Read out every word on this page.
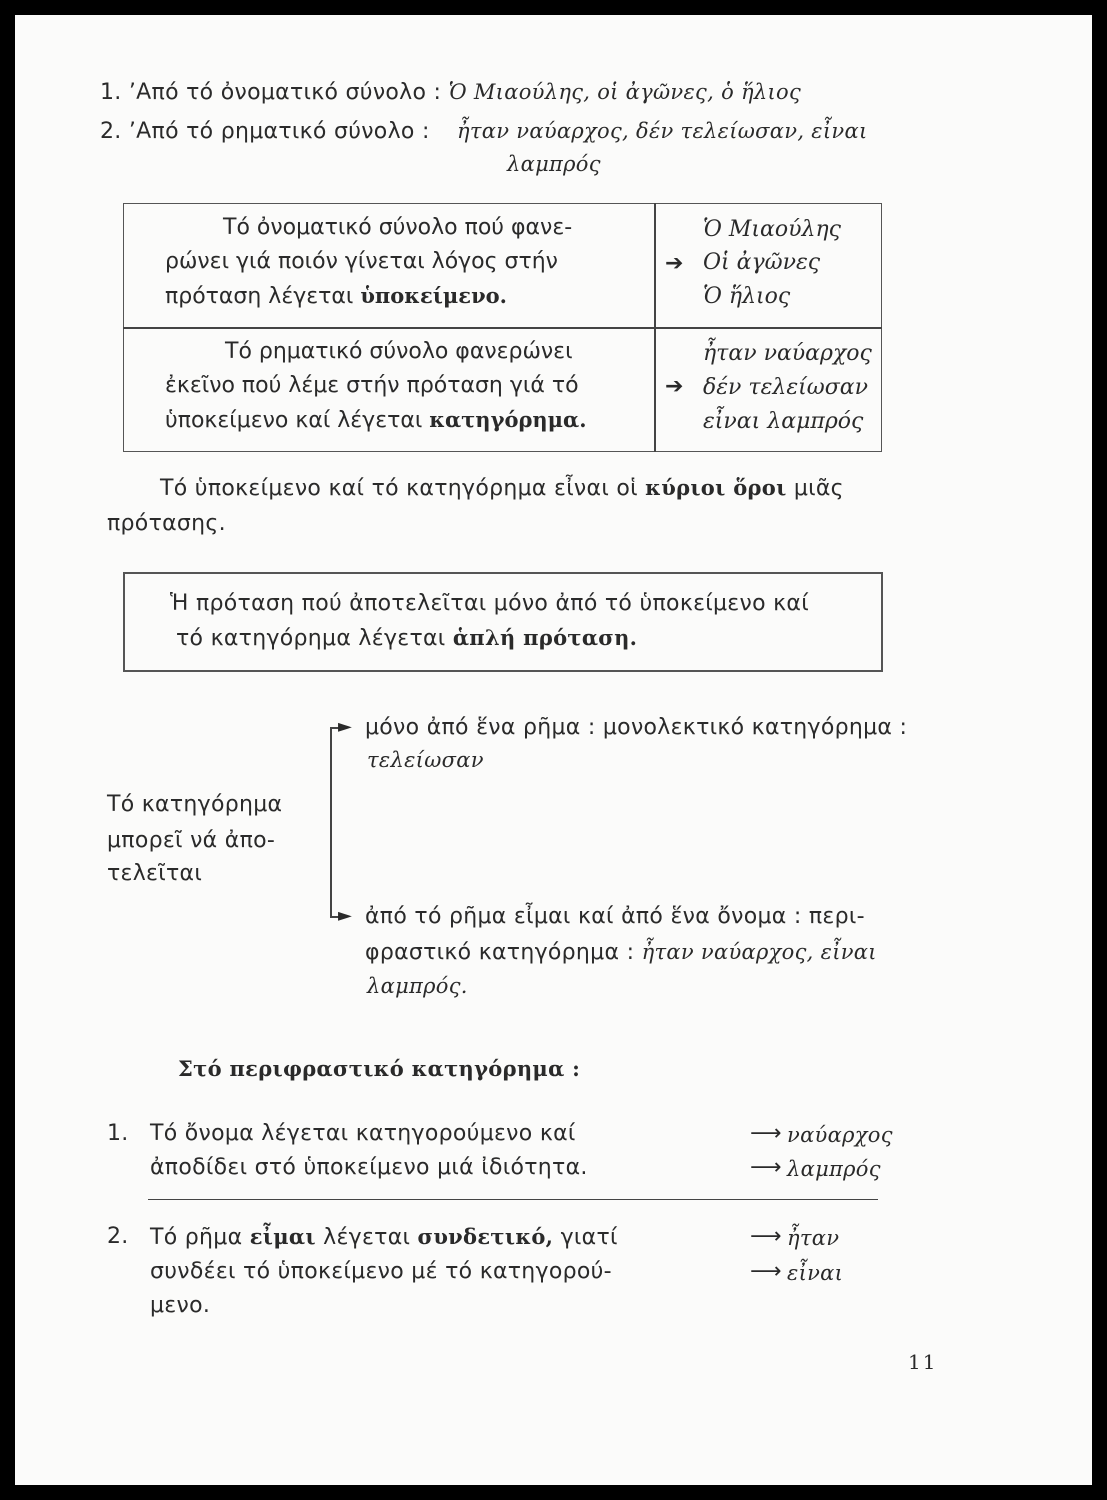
1. ’Από τό ὀνοματικό σύνολο : Ὁ Μιαούλης, οἱ ἀγῶνες, ὁ ἥλιος
2. ’Από τό ρηματικό σύνολο : ἦταν ναύαρχος, δέν τελείωσαν, εἶναι
λαμπρός
Τό ὀνοματικό σύνολο πού φανε-
ρώνει γιά ποιόν γίνεται λόγος στήν
πρόταση λέγεται ὑποκείμενο.
➔
Ὁ Μιαούλης
Οἱ ἀγῶνες
Ὁ ἥλιος
Τό ρηματικό σύνολο φανερώνει
ἐκεῖνο πού λέμε στήν πρόταση γιά τό
ὑποκείμενο καί λέγεται κατηγόρημα.
➔
ἦταν ναύαρχος
δέν τελείωσαν
εἶναι λαμπρός
Τό ὑποκείμενο καί τό κατηγόρημα εἶναι οἱ κύριοι ὅροι μιᾶς
πρότασης.
Ἡ πρόταση πού ἀποτελεῖται μόνο ἀπό τό ὑποκείμενο καί
τό κατηγόρημα λέγεται ἁπλή πρόταση.
Τό κατηγόρημα
μπορεῖ νά ἀπο-
τελεῖται
►
►
μόνο ἀπό ἕνα ρῆμα : μονολεκτικό κατηγόρημα :
τελείωσαν
ἀπό τό ρῆμα εἶμαι καί ἀπό ἕνα ὄνομα : περι-
φραστικό κατηγόρημα : ἦταν ναύαρχος, εἶναι
λαμπρός.
Στό περιφραστικό κατηγόρημα :
1. Τό ὄνομα λέγεται κατηγορούμενο καί
ἀποδίδει στό ὑποκείμενο μιά ἰδιότητα.
⟶ ναύαρχος
⟶ λαμπρός
2. Τό ρῆμα εἶμαι λέγεται συνδετικό, γιατί
συνδέει τό ὑποκείμενο μέ τό κατηγορού-
μενο.
⟶ ἦταν
⟶ εἶναι
11
